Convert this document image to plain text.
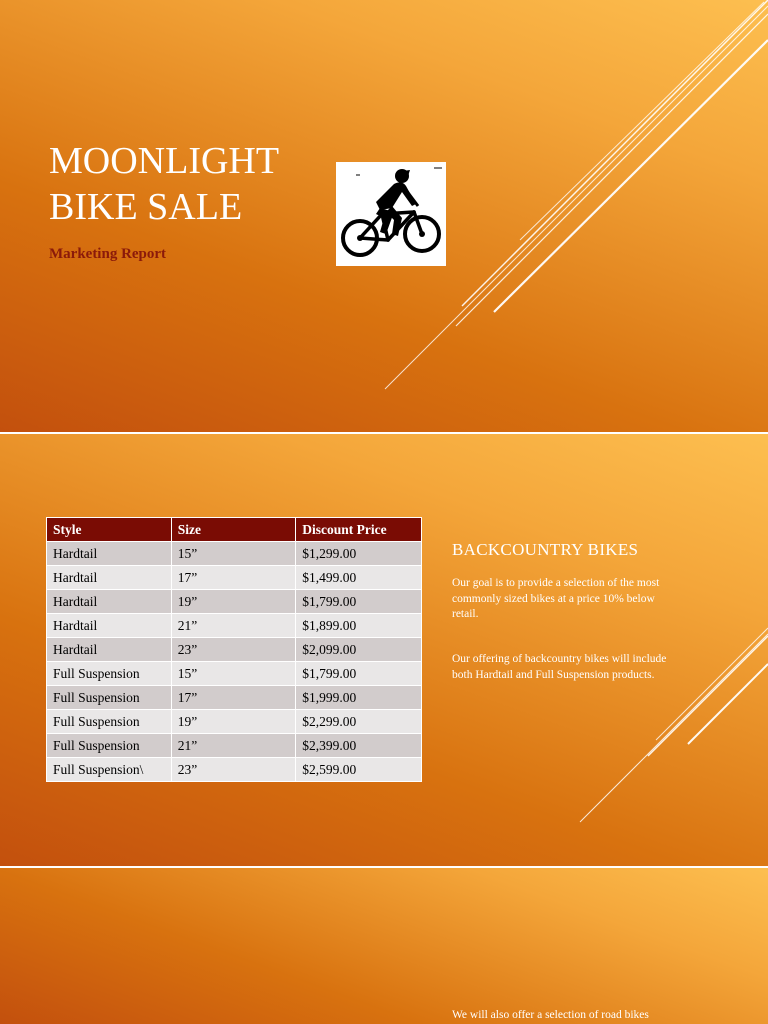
MOONLIGHT
BIKE SALE

Marketing Report

Style	Size	Discount Price
Hardtail	15”	$1,299.00
Hardtail	17”	$1,499.00
Hardtail	19”	$1,799.00
Hardtail	21”	$1,899.00
Hardtail	23”	$2,099.00
Full Suspension	15”	$1,799.00
Full Suspension	17”	$1,999.00
Full Suspension	19”	$2,299.00
Full Suspension	21”	$2,399.00
Full Suspension\	23”	$2,599.00
BACKCOUNTRY BIKES

Our goal is to provide a selection of the most commonly sized bikes at a price 10% below retail.

Our offering of backcountry bikes will include both Hardtail and Full Suspension products.

We will also offer a selection of road bikes
